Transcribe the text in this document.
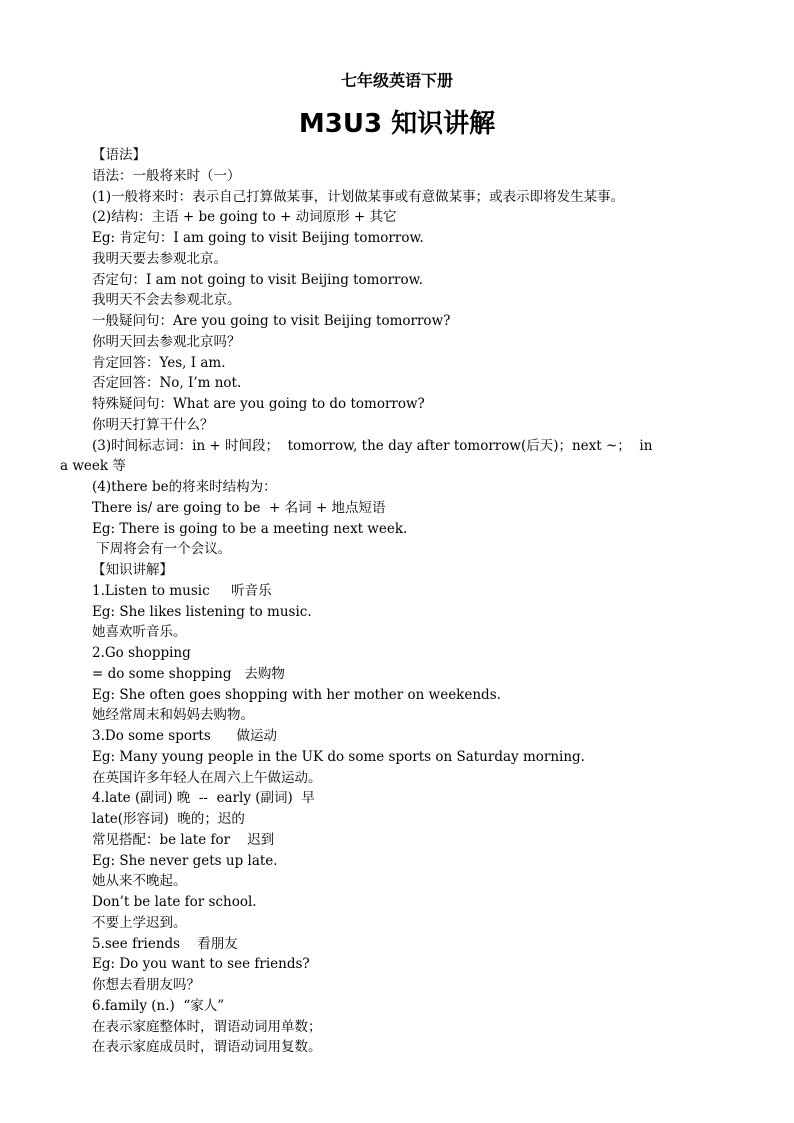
七年级英语下册
M3U3 知识讲解
【语法】
语法：一般将来时（一）
(1)一般将来时：表示自己打算做某事，计划做某事或有意做某事；或表示即将发生某事。
(2)结构：主语 + be going to + 动词原形 + 其它
Eg: 肯定句：I am going to visit Beijing tomorrow.
我明天要去参观北京。
否定句：I am not going to visit Beijing tomorrow.
我明天不会去参观北京。
一般疑问句：Are you going to visit Beijing tomorrow?
你明天回去参观北京吗？
肯定回答：Yes, I am.
否定回答：No, I’m not.
特殊疑问句：What are you going to do tomorrow?
你明天打算干什么？
(3)时间标志词：in + 时间段；  tomorrow, the day after tomorrow(后天)；next ~；  in
a week 等
(4)there be的将来时结构为：
There is/ are going to be  + 名词 + 地点短语
Eg: There is going to be a meeting next week.
下周将会有一个会议。
【知识讲解】
1.Listen to music     听音乐
Eg: She likes listening to music.
她喜欢听音乐。
2.Go shopping
= do some shopping   去购物
Eg: She often goes shopping with her mother on weekends.
她经常周末和妈妈去购物。
3.Do some sports      做运动
Eg: Many young people in the UK do some sports on Saturday morning.
在英国许多年轻人在周六上午做运动。
4.late (副词) 晚  --  early (副词)  早
late(形容词)  晚的；迟的
常见搭配：be late for    迟到
Eg: She never gets up late.
她从来不晚起。
Don’t be late for school.
不要上学迟到。
5.see friends    看朋友
Eg: Do you want to see friends?
你想去看朋友吗？
6.family (n.)  “家人”
在表示家庭整体时，谓语动词用单数；
在表示家庭成员时，谓语动词用复数。
